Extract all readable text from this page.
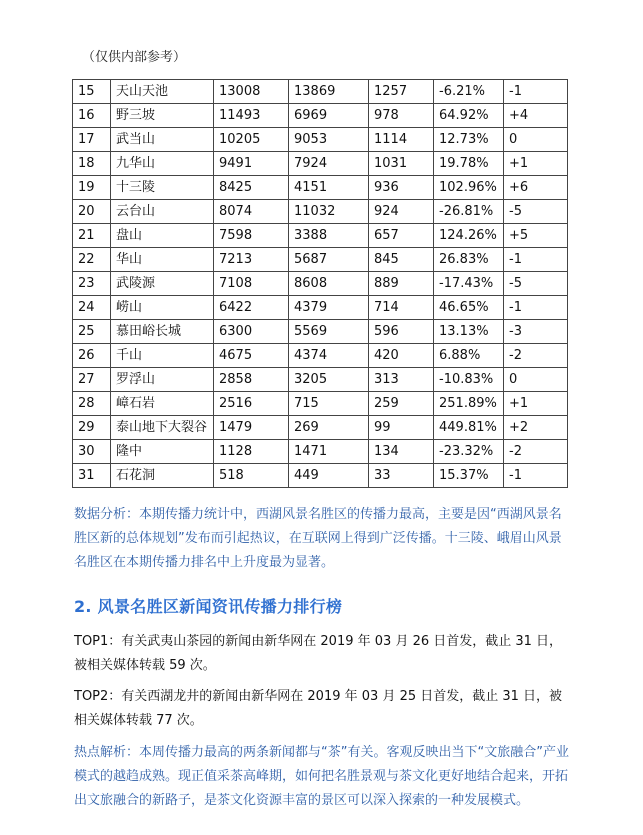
（仅供内部参考）
15	天山天池	13008	13869	1257	-6.21%	-1
16	野三坡	11493	6969	978	64.92%	+4
17	武当山	10205	9053	1114	12.73%	0
18	九华山	9491	7924	1031	19.78%	+1
19	十三陵	8425	4151	936	102.96%	+6
20	云台山	8074	11032	924	-26.81%	-5
21	盘山	7598	3388	657	124.26%	+5
22	华山	7213	5687	845	26.83%	-1
23	武陵源	7108	8608	889	-17.43%	-5
24	崂山	6422	4379	714	46.65%	-1
25	慕田峪长城	6300	5569	596	13.13%	-3
26	千山	4675	4374	420	6.88%	-2
27	罗浮山	2858	3205	313	-10.83%	0
28	嶂石岩	2516	715	259	251.89%	+1
29	泰山地下大裂谷	1479	269	99	449.81%	+2
30	隆中	1128	1471	134	-23.32%	-2
31	石花洞	518	449	33	15.37%	-1
数据分析：本期传播力统计中，西湖风景名胜区的传播力最高，主要是因“西湖风景名胜区新的总体规划”发布而引起热议，在互联网上得到广泛传播。十三陵、峨眉山风景名胜区在本期传播力排名中上升度最为显著。
2. 风景名胜区新闻资讯传播力排行榜
TOP1：有关武夷山茶园的新闻由新华网在 2019 年 03 月 26 日首发，截止 31 日，被相关媒体转载 59 次。
TOP2：有关西湖龙井的新闻由新华网在 2019 年 03 月 25 日首发，截止 31 日，被相关媒体转载 77 次。
热点解析：本周传播力最高的两条新闻都与“茶”有关。客观反映出当下“文旅融合”产业模式的越趋成熟。现正值采茶高峰期，如何把名胜景观与茶文化更好地结合起来，开拓出文旅融合的新路子，是茶文化资源丰富的景区可以深入探索的一种发展模式。
